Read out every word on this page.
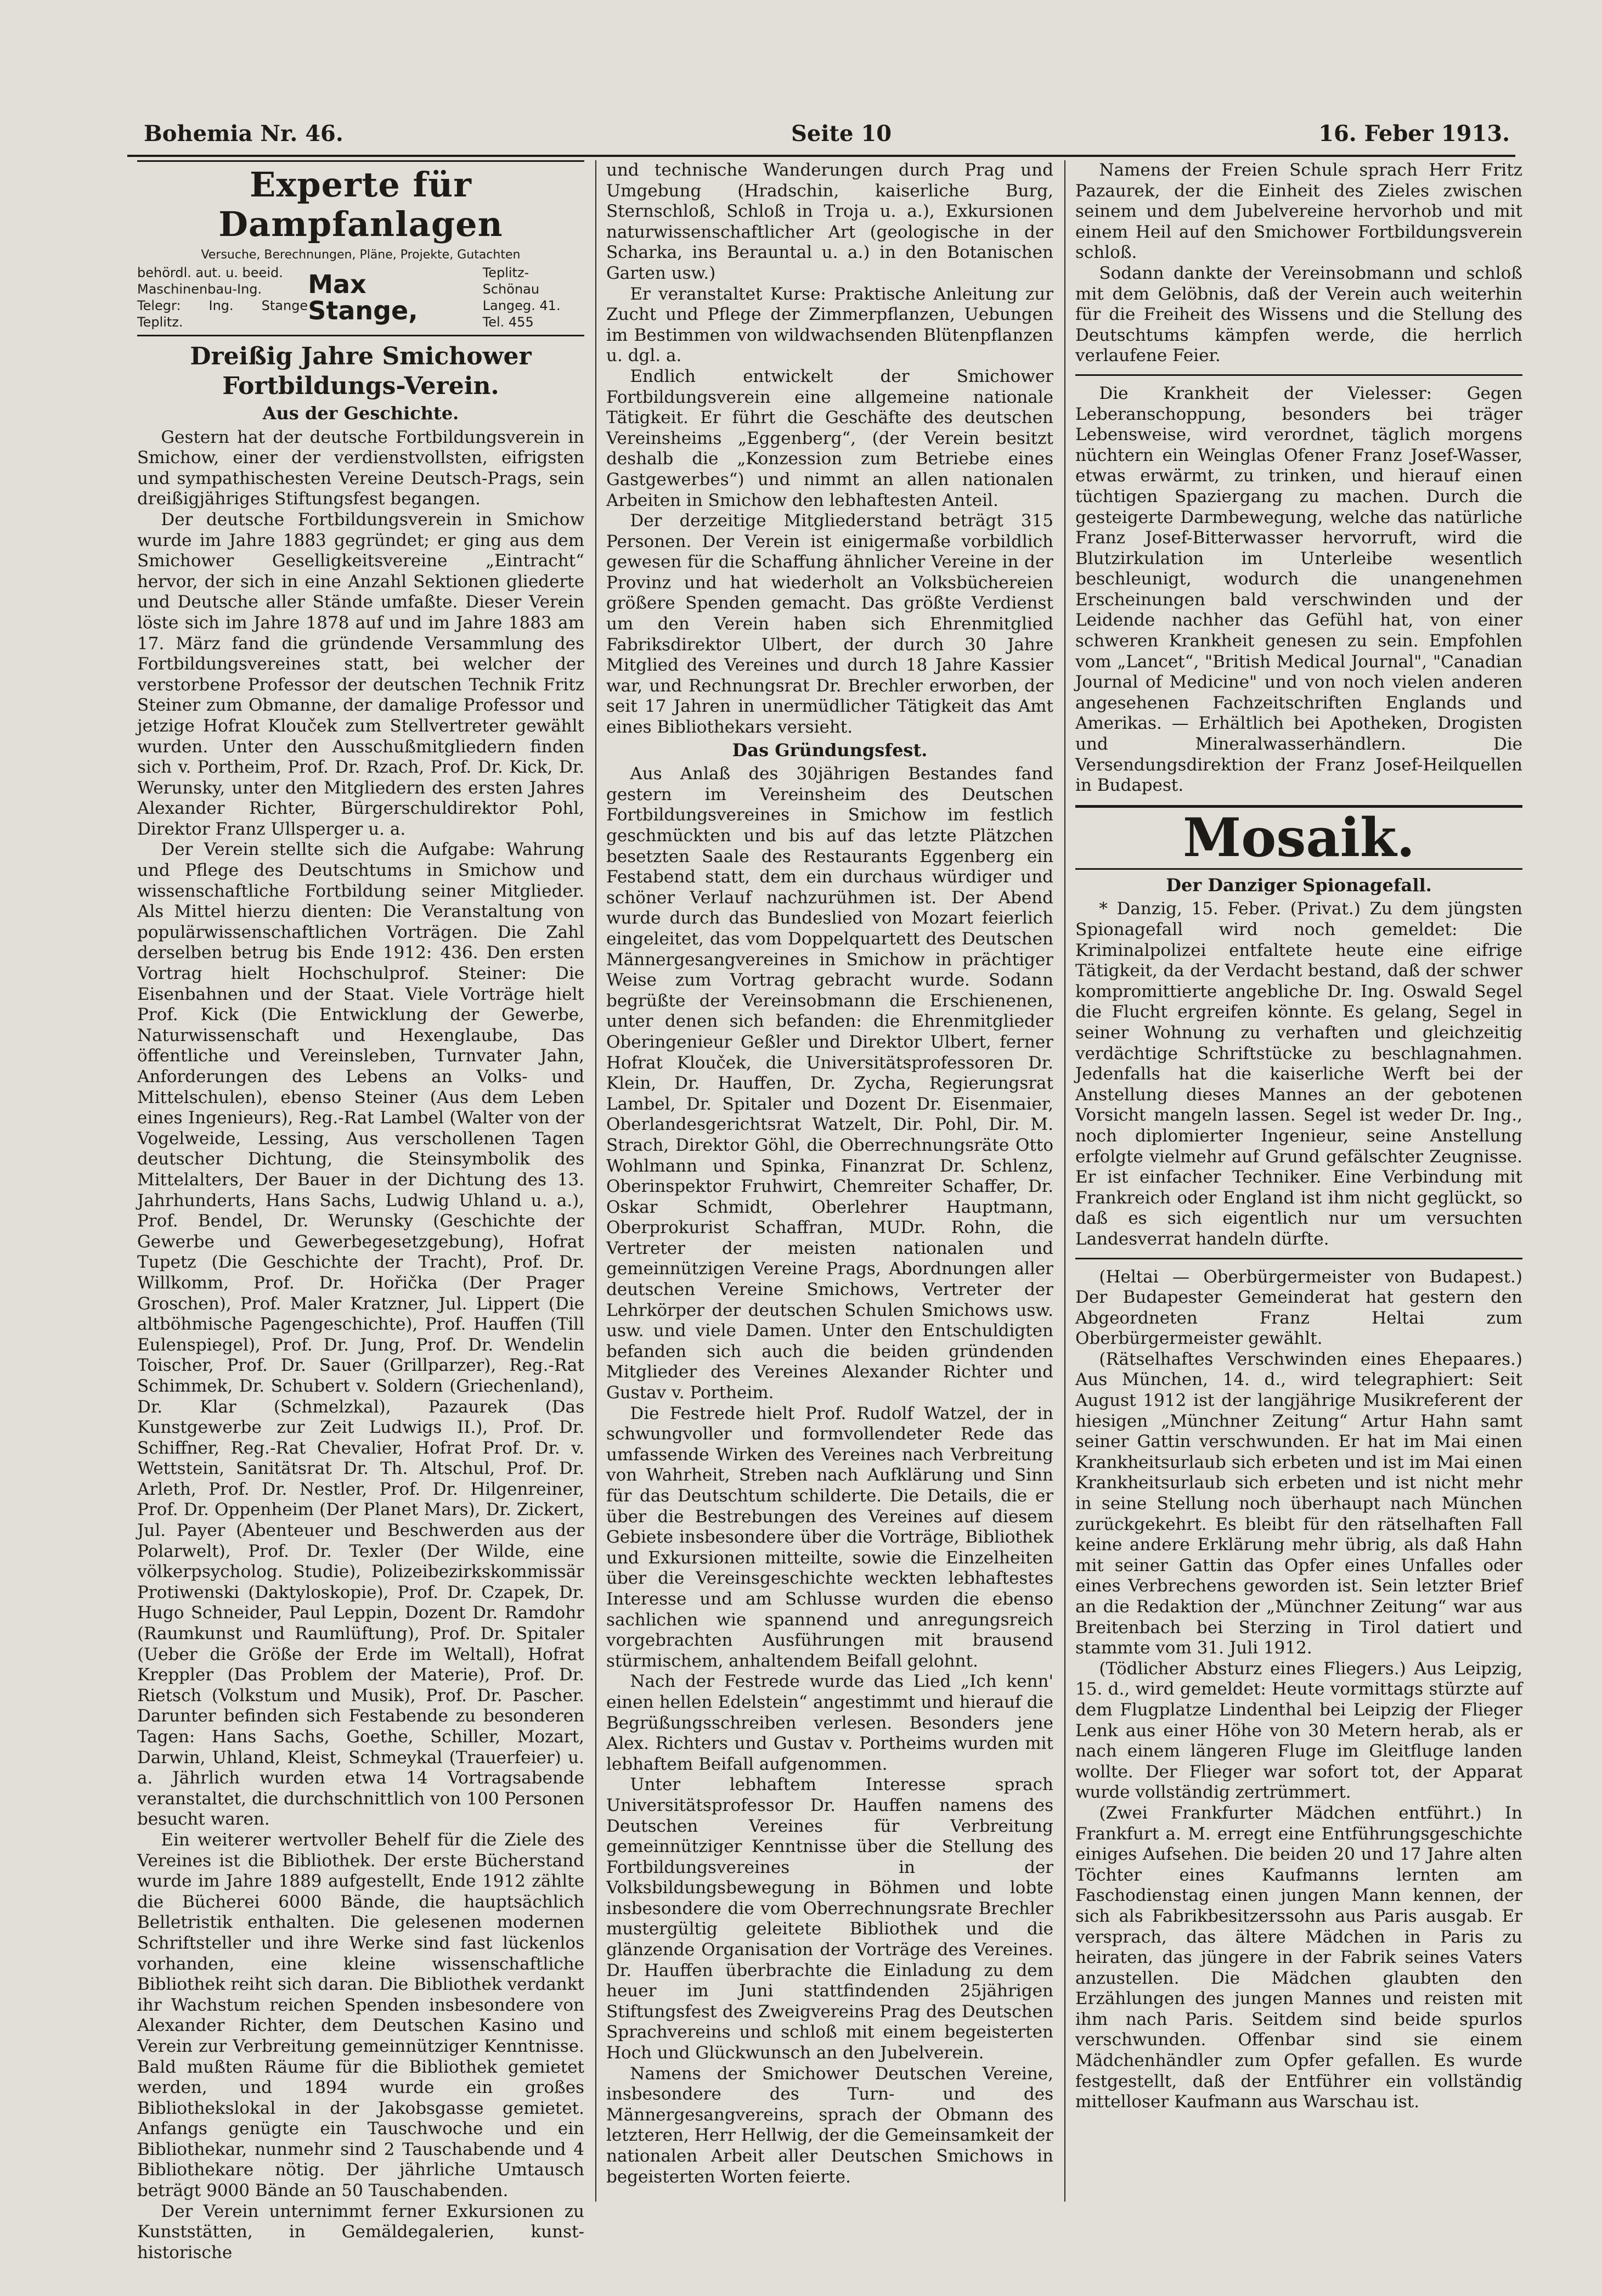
Bohemia Nr. 46.	Seite 10	16. Feber 1913.
Experte für Dampfanlagen
Versuche, Berechnungen, Pläne, Projekte, Gutachten
behördl. aut. u. beeid.
Maschinenbau-Ing.
Telegr: Ing. Stange Teplitz.
Max Stange,
Teplitz-Schönau
Langeg. 41.
Tel. 455
Dreißig Jahre Smichower Fortbildungs-Verein.
Aus der Geschichte.

Gestern hat der deutsche Fortbildungsverein in Smichow, einer der verdienstvollsten, eifrigsten und sympathischesten Vereine Deutsch-Prags, sein dreißigjähriges Stiftungsfest begangen.

Der deutsche Fortbildungsverein in Smichow wurde im Jahre 1883 gegründet; er ging aus dem Smichower Geselligkeitsvereine „Eintracht“ hervor, der sich in eine Anzahl Sektionen gliederte und Deutsche aller Stände umfaßte. Dieser Verein löste sich im Jahre 1878 auf und im Jahre 1883 am 17. März fand die gründende Versammlung des Fortbildungsvereines statt, bei welcher der verstorbene Professor der deutschen Technik Fritz Steiner zum Obmanne, der damalige Professor und jetzige Hofrat Klouček zum Stellvertreter gewählt wurden. Unter den Ausschußmitgliedern finden sich v. Portheim, Prof. Dr. Rzach, Prof. Dr. Kick, Dr. Werunsky, unter den Mitgliedern des ersten Jahres Alexander Richter, Bürgerschuldirektor Pohl, Direktor Franz Ullsperger u. a.

Der Verein stellte sich die Aufgabe: Wahrung und Pflege des Deutschtums in Smichow und wissenschaftliche Fortbildung seiner Mitglieder. Als Mittel hierzu dienten: Die Veranstaltung von populärwissenschaftlichen Vorträgen. Die Zahl derselben betrug bis Ende 1912: 436. Den ersten Vortrag hielt Hochschulprof. Steiner: Die Eisenbahnen und der Staat. Viele Vorträge hielt Prof. Kick (Die Entwicklung der Gewerbe, Naturwissenschaft und Hexenglaube, Das öffentliche und Vereinsleben, Turnvater Jahn, Anforderungen des Lebens an Volks- und Mittelschulen), ebenso Steiner (Aus dem Leben eines Ingenieurs), Reg.-Rat Lambel (Walter von der Vogelweide, Lessing, Aus verschollenen Tagen deutscher Dichtung, die Steinsymbolik des Mittelalters, Der Bauer in der Dichtung des 13. Jahrhunderts, Hans Sachs, Ludwig Uhland u. a.), Prof. Bendel, Dr. Werunsky (Geschichte der Gewerbe und Gewerbegesetzgebung), Hofrat Tupetz (Die Geschichte der Tracht), Prof. Dr. Willkomm, Prof. Dr. Hořička (Der Prager Groschen), Prof. Maler Kratzner, Jul. Lippert (Die altböhmische Pagengeschichte), Prof. Hauffen (Till Eulenspiegel), Prof. Dr. Jung, Prof. Dr. Wendelin Toischer, Prof. Dr. Sauer (Grillparzer), Reg.-Rat Schimmek, Dr. Schubert v. Soldern (Griechenland), Dr. Klar (Schmelzkal), Pazaurek (Das Kunstgewerbe zur Zeit Ludwigs II.), Prof. Dr. Schiffner, Reg.-Rat Chevalier, Hofrat Prof. Dr. v. Wettstein, Sanitätsrat Dr. Th. Altschul, Prof. Dr. Arleth, Prof. Dr. Nestler, Prof. Dr. Hilgenreiner, Prof. Dr. Oppenheim (Der Planet Mars), Dr. Zickert, Jul. Payer (Abenteuer und Beschwerden aus der Polarwelt), Prof. Dr. Texler (Der Wilde, eine völkerpsycholog. Studie), Polizeibezirkskommissär Protiwenski (Daktyloskopie), Prof. Dr. Czapek, Dr. Hugo Schneider, Paul Leppin, Dozent Dr. Ramdohr (Raumkunst und Raumlüftung), Prof. Dr. Spitaler (Ueber die Größe der Erde im Weltall), Hofrat Kreppler (Das Problem der Materie), Prof. Dr. Rietsch (Volkstum und Musik), Prof. Dr. Pascher. Darunter befinden sich Festabende zu besonderen Tagen: Hans Sachs, Goethe, Schiller, Mozart, Darwin, Uhland, Kleist, Schmeykal (Trauerfeier) u. a. Jährlich wurden etwa 14 Vortragsabende veranstaltet, die durchschnittlich von 100 Personen besucht waren.

Ein weiterer wertvoller Behelf für die Ziele des Vereines ist die Bibliothek. Der erste Bücherstand wurde im Jahre 1889 aufgestellt, Ende 1912 zählte die Bücherei 6000 Bände, die hauptsächlich Belletristik enthalten. Die gelesenen modernen Schriftsteller und ihre Werke sind fast lückenlos vorhanden, eine kleine wissenschaftliche Bibliothek reiht sich daran. Die Bibliothek verdankt ihr Wachstum reichen Spenden insbesondere von Alexander Richter, dem Deutschen Kasino und Verein zur Verbreitung gemeinnütziger Kenntnisse. Bald mußten Räume für die Bibliothek gemietet werden, und 1894 wurde ein großes Bibliothekslokal in der Jakobsgasse gemietet. Anfangs genügte ein Tauschwoche und ein Bibliothekar, nunmehr sind 2 Tauschabende und 4 Bibliothekare nötig. Der jährliche Umtausch beträgt 9000 Bände an 50 Tauschabenden.

Der Verein unternimmt ferner Exkursionen zu Kunststätten, in Gemäldegalerien, kunst-historische

und technische Wanderungen durch Prag und Umgebung (Hradschin, kaiserliche Burg, Sternschloß, Schloß in Troja u. a.), Exkursionen naturwissenschaftlicher Art (geologische in der Scharka, ins Berauntal u. a.) in den Botanischen Garten usw.)

Er veranstaltet Kurse: Praktische Anleitung zur Zucht und Pflege der Zimmerpflanzen, Uebungen im Bestimmen von wildwachsenden Blütenpflanzen u. dgl. a.

Endlich entwickelt der Smichower Fortbildungsverein eine allgemeine nationale Tätigkeit. Er führt die Geschäfte des deutschen Vereinsheims „Eggenberg“, (der Verein besitzt deshalb die „Konzession zum Betriebe eines Gastgewerbes“) und nimmt an allen nationalen Arbeiten in Smichow den lebhaftesten Anteil.

Der derzeitige Mitgliederstand beträgt 315 Personen. Der Verein ist einigermaße vorbildlich gewesen für die Schaffung ähnlicher Vereine in der Provinz und hat wiederholt an Volksbüchereien größere Spenden gemacht. Das größte Verdienst um den Verein haben sich Ehrenmitglied Fabriksdirektor Ulbert, der durch 30 Jahre Mitglied des Vereines und durch 18 Jahre Kassier war, und Rechnungsrat Dr. Brechler erworben, der seit 17 Jahren in unermüdlicher Tätigkeit das Amt eines Bibliothekars versieht.

Das Gründungsfest.

Aus Anlaß des 30jährigen Bestandes fand gestern im Vereinsheim des Deutschen Fortbildungsvereines in Smichow im festlich geschmückten und bis auf das letzte Plätzchen besetzten Saale des Restaurants Eggenberg ein Festabend statt, dem ein durchaus würdiger und schöner Verlauf nachzurühmen ist. Der Abend wurde durch das Bundeslied von Mozart feierlich eingeleitet, das vom Doppelquartett des Deutschen Männergesangvereines in Smichow in prächtiger Weise zum Vortrag gebracht wurde. Sodann begrüßte der Vereinsobmann die Erschienenen, unter denen sich befanden: die Ehrenmitglieder Oberingenieur Geßler und Direktor Ulbert, ferner Hofrat Klouček, die Universitätsprofessoren Dr. Klein, Dr. Hauffen, Dr. Zycha, Regierungsrat Lambel, Dr. Spitaler und Dozent Dr. Eisenmaier, Oberlandesgerichtsrat Watzelt, Dir. Pohl, Dir. M. Strach, Direktor Göhl, die Oberrechnungsräte Otto Wohlmann und Spinka, Finanzrat Dr. Schlenz, Oberinspektor Fruhwirt, Chemreiter Schaffer, Dr. Oskar Schmidt, Oberlehrer Hauptmann, Oberprokurist Schaffran, MUDr. Rohn, die Vertreter der meisten nationalen und gemeinnützigen Vereine Prags, Abordnungen aller deutschen Vereine Smichows, Vertreter der Lehrkörper der deutschen Schulen Smichows usw. usw. und viele Damen. Unter den Entschuldigten befanden sich auch die beiden gründenden Mitglieder des Vereines Alexander Richter und Gustav v. Portheim.

Die Festrede hielt Prof. Rudolf Watzel, der in schwungvoller und formvollendeter Rede das umfassende Wirken des Vereines nach Verbreitung von Wahrheit, Streben nach Aufklärung und Sinn für das Deutschtum schilderte. Die Details, die er über die Bestrebungen des Vereines auf diesem Gebiete insbesondere über die Vorträge, Bibliothek und Exkursionen mitteilte, sowie die Einzelheiten über die Vereinsgeschichte weckten lebhaftestes Interesse und am Schlusse wurden die ebenso sachlichen wie spannend und anregungsreich vorgebrachten Ausführungen mit brausend stürmischem, anhaltendem Beifall gelohnt.

Nach der Festrede wurde das Lied „Ich kenn' einen hellen Edelstein“ angestimmt und hierauf die Begrüßungsschreiben verlesen. Besonders jene Alex. Richters und Gustav v. Portheims wurden mit lebhaftem Beifall aufgenommen.

Unter lebhaftem Interesse sprach Universitätsprofessor Dr. Hauffen namens des Deutschen Vereines für Verbreitung gemeinnütziger Kenntnisse über die Stellung des Fortbildungsvereines in der Volksbildungsbewegung in Böhmen und lobte insbesondere die vom Oberrechnungsrate Brechler mustergültig geleitete Bibliothek und die glänzende Organisation der Vorträge des Vereines. Dr. Hauffen überbrachte die Einladung zu dem heuer im Juni stattfindenden 25jährigen Stiftungsfest des Zweigvereins Prag des Deutschen Sprachvereins und schloß mit einem begeisterten Hoch und Glückwunsch an den Jubelverein.

Namens der Smichower Deutschen Vereine, insbesondere des Turn- und des Männergesangvereins, sprach der Obmann des letzteren, Herr Hellwig, der die Gemeinsamkeit der nationalen Arbeit aller Deutschen Smichows in begeisterten Worten feierte.

Namens der Freien Schule sprach Herr Fritz Pazaurek, der die Einheit des Zieles zwischen seinem und dem Jubelvereine hervorhob und mit einem Heil auf den Smichower Fortbildungsverein schloß.

Sodann dankte der Vereinsobmann und schloß mit dem Gelöbnis, daß der Verein auch weiterhin für die Freiheit des Wissens und die Stellung des Deutschtums kämpfen werde, die herrlich verlaufene Feier.

Die Krankheit der Vielesser: Gegen Leberanschoppung, besonders bei träger Lebensweise, wird verordnet, täglich morgens nüchtern ein Weinglas Ofener Franz Josef-Wasser, etwas erwärmt, zu trinken, und hierauf einen tüchtigen Spaziergang zu machen. Durch die gesteigerte Darmbewegung, welche das natürliche Franz Josef-Bitterwasser hervorruft, wird die Blutzirkulation im Unterleibe wesentlich beschleunigt, wodurch die unangenehmen Erscheinungen bald verschwinden und der Leidende nachher das Gefühl hat, von einer schweren Krankheit genesen zu sein. Empfohlen vom „Lancet“, "British Medical Journal", "Canadian Journal of Medicine" und von noch vielen anderen angesehenen Fachzeitschriften Englands und Amerikas. — Erhältlich bei Apotheken, Drogisten und Mineralwasserhändlern. Die Versendungsdirektion der Franz Josef-Heilquellen in Budapest.

Mosaik.
Der Danziger Spionagefall.

* Danzig, 15. Feber. (Privat.) Zu dem jüngsten Spionagefall wird noch gemeldet: Die Kriminalpolizei entfaltete heute eine eifrige Tätigkeit, da der Verdacht bestand, daß der schwer kompromittierte angebliche Dr. Ing. Oswald Segel die Flucht ergreifen könnte. Es gelang, Segel in seiner Wohnung zu verhaften und gleichzeitig verdächtige Schriftstücke zu beschlagnahmen. Jedenfalls hat die kaiserliche Werft bei der Anstellung dieses Mannes an der gebotenen Vorsicht mangeln lassen. Segel ist weder Dr. Ing., noch diplomierter Ingenieur, seine Anstellung erfolgte vielmehr auf Grund gefälschter Zeugnisse. Er ist einfacher Techniker. Eine Verbindung mit Frankreich oder England ist ihm nicht geglückt, so daß es sich eigentlich nur um versuchten Landesverrat handeln dürfte.

(Heltai — Oberbürgermeister von Budapest.) Der Budapester Gemeinderat hat gestern den Abgeordneten Franz Heltai zum Oberbürgermeister gewählt.

(Rätselhaftes Verschwinden eines Ehepaares.) Aus München, 14. d., wird telegraphiert: Seit August 1912 ist der langjährige Musikreferent der hiesigen „Münchner Zeitung“ Artur Hahn samt seiner Gattin verschwunden. Er hat im Mai einen Krankheitsurlaub sich erbeten und ist im Mai einen Krankheitsurlaub sich erbeten und ist nicht mehr in seine Stellung noch überhaupt nach München zurückgekehrt. Es bleibt für den rätselhaften Fall keine andere Erklärung mehr übrig, als daß Hahn mit seiner Gattin das Opfer eines Unfalles oder eines Verbrechens geworden ist. Sein letzter Brief an die Redaktion der „Münchner Zeitung“ war aus Breitenbach bei Sterzing in Tirol datiert und stammte vom 31. Juli 1912.

(Tödlicher Absturz eines Fliegers.) Aus Leipzig, 15. d., wird gemeldet: Heute vormittags stürzte auf dem Flugplatze Lindenthal bei Leipzig der Flieger Lenk aus einer Höhe von 30 Metern herab, als er nach einem längeren Fluge im Gleitfluge landen wollte. Der Flieger war sofort tot, der Apparat wurde vollständig zertrümmert.

(Zwei Frankfurter Mädchen entführt.) In Frankfurt a. M. erregt eine Entführungsgeschichte einiges Aufsehen. Die beiden 20 und 17 Jahre alten Töchter eines Kaufmanns lernten am Faschodienstag einen jungen Mann kennen, der sich als Fabrikbesitzerssohn aus Paris ausgab. Er versprach, das ältere Mädchen in Paris zu heiraten, das jüngere in der Fabrik seines Vaters anzustellen. Die Mädchen glaubten den Erzählungen des jungen Mannes und reisten mit ihm nach Paris. Seitdem sind beide spurlos verschwunden. Offenbar sind sie einem Mädchenhändler zum Opfer gefallen. Es wurde festgestellt, daß der Entführer ein vollständig mittelloser Kaufmann aus Warschau ist.
